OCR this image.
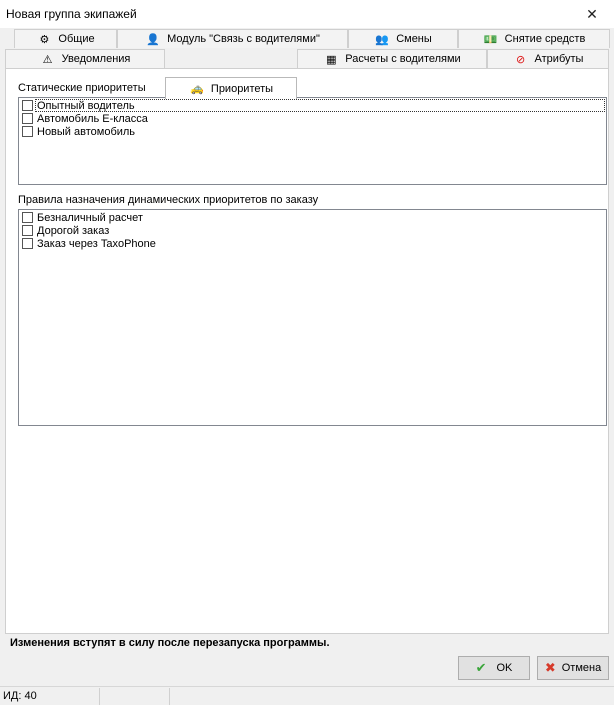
Новая группа экипажей	✕
⚙ Общие	👤 Модуль "Связь с водителями"	👥 Смены	💵 Снятие средств
⚠ Уведомления
🚕 Приоритеты
▦ Расчеты с водителями	⊘ Атрибуты
Статические приоритеты
Опытный водитель
Автомобиль Е-класса
Новый автомобиль
Правила назначения динамических приоритетов по заказу
Безналичный расчет
Дорогой заказ
Заказ через TaxoPhone
Изменения вступят в силу после перезапуска программы.
✔ OK ✖ Отмена
ИД: 40
